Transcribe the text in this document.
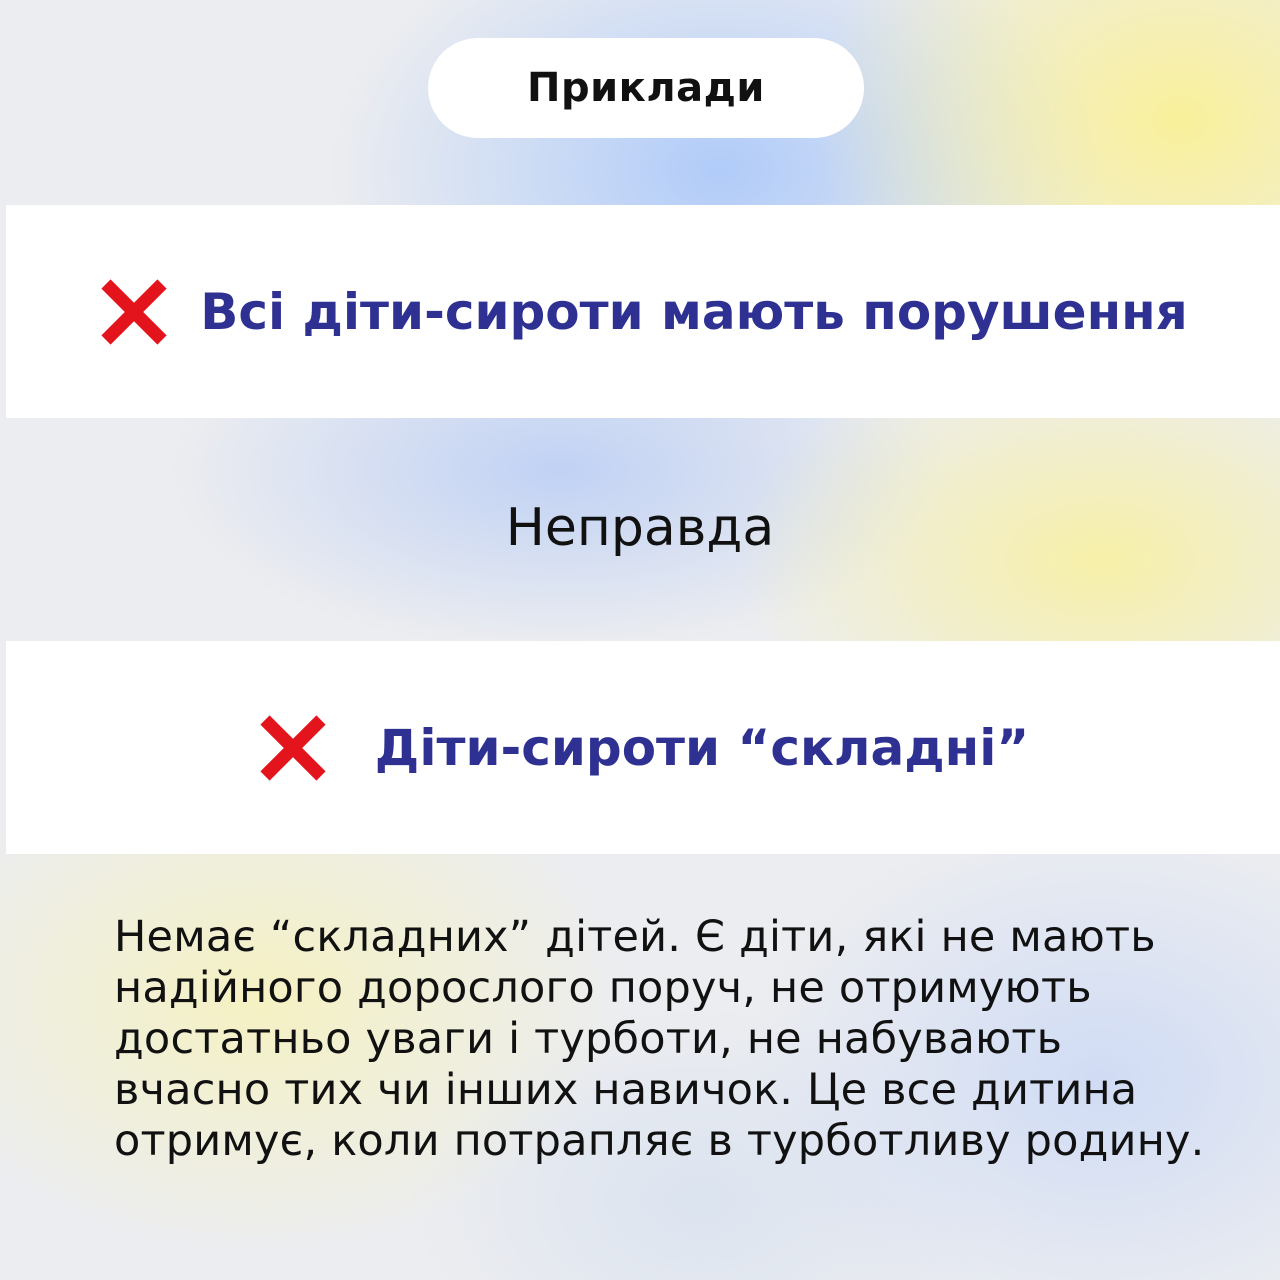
Приклади
Всі діти-сироти мають порушення
Неправда
Діти-сироти “складні”
Немає “складних” дітей. Є діти, які не мають надійного дорослого поруч, не отримують достатньо уваги і турботи, не набувають вчасно тих чи інших навичок. Це все дитина отримує, коли потрапляє в турботливу родину.
